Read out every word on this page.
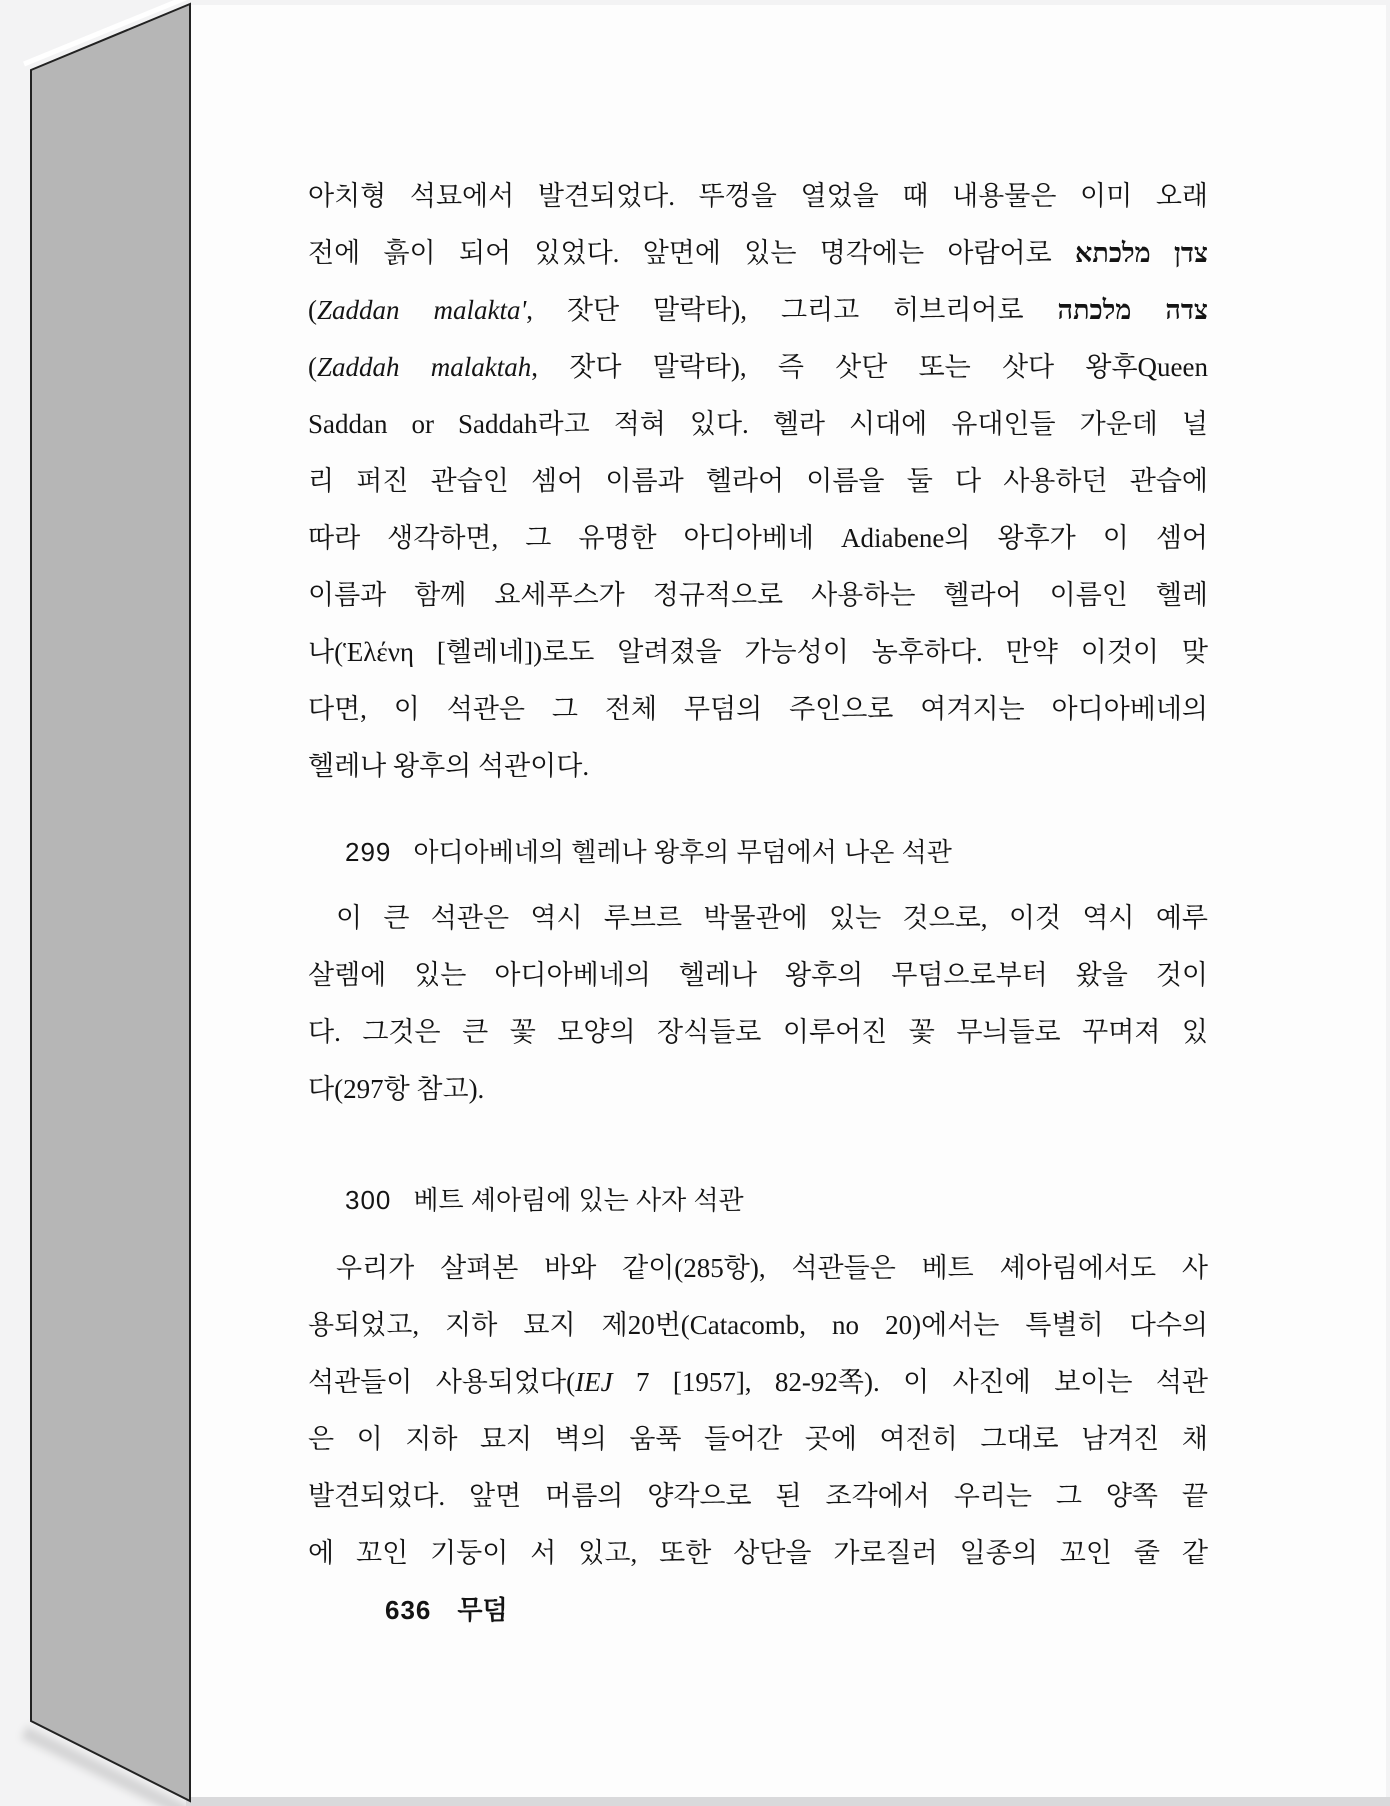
아치형 석묘에서 발견되었다. 뚜껑을 열었을 때 내용물은 이미 오래
전에 흙이 되어 있었다. 앞면에 있는 명각에는 아람어로 צדן מלכתא
(Zaddan malakta', 잣단 말락타), 그리고 히브리어로 צדה מלכתה
(Zaddah malaktah, 잣다 말락타), 즉 삿단 또는 삿다 왕후Queen
Saddan or Saddah라고 적혀 있다. 헬라 시대에 유대인들 가운데 널
리 퍼진 관습인 셈어 이름과 헬라어 이름을 둘 다 사용하던 관습에
따라 생각하면, 그 유명한 아디아베네 Adiabene의 왕후가 이 셈어
이름과 함께 요세푸스가 정규적으로 사용하는 헬라어 이름인 헬레
나(Ἑλένη [헬레네])로도 알려졌을 가능성이 농후하다. 만약 이것이 맞
다면, 이 석관은 그 전체 무덤의 주인으로 여겨지는 아디아베네의
헬레나 왕후의 석관이다.
299 아디아베네의 헬레나 왕후의 무덤에서 나온 석관
이 큰 석관은 역시 루브르 박물관에 있는 것으로, 이것 역시 예루
살렘에 있는 아디아베네의 헬레나 왕후의 무덤으로부터 왔을 것이
다. 그것은 큰 꽃 모양의 장식들로 이루어진 꽃 무늬들로 꾸며져 있
다(297항 참고).
300 베트 셰아림에 있는 사자 석관
우리가 살펴본 바와 같이(285항), 석관들은 베트 셰아림에서도 사
용되었고, 지하 묘지 제20번(Catacomb, no 20)에서는 특별히 다수의
석관들이 사용되었다(IEJ 7 [1957], 82-92쪽). 이 사진에 보이는 석관
은 이 지하 묘지 벽의 움푹 들어간 곳에 여전히 그대로 남겨진 채
발견되었다. 앞면 머름의 양각으로 된 조각에서 우리는 그 양쪽 끝
에 꼬인 기둥이 서 있고, 또한 상단을 가로질러 일종의 꼬인 줄 같
636 무덤
